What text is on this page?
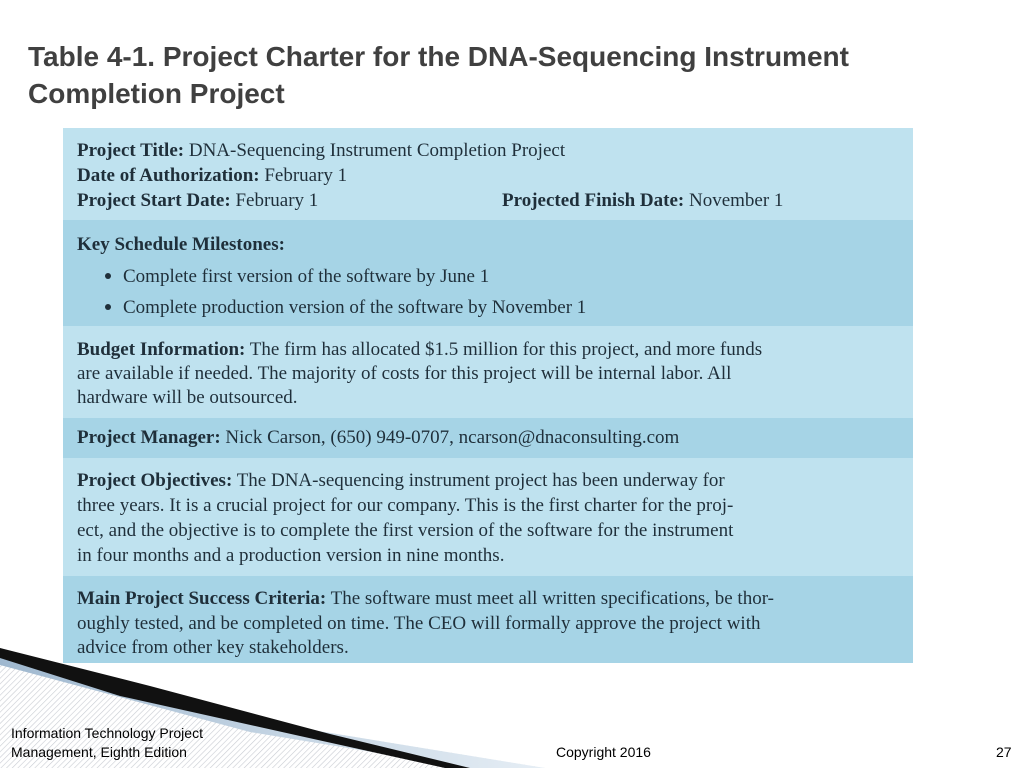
Table 4-1. Project Charter for the DNA-Sequencing Instrument
Completion Project
Project Title: DNA-Sequencing Instrument Completion Project
Date of Authorization: February 1
Project Start Date: February 1	Projected Finish Date: November 1
Key Schedule Milestones:
Complete first version of the software by June 1
Complete production version of the software by November 1
Budget Information: The firm has allocated $1.5 million for this project, and more funds
are available if needed. The majority of costs for this project will be internal labor. All
hardware will be outsourced.
Project Manager: Nick Carson, (650) 949-0707, ncarson@dnaconsulting.com
Project Objectives: The DNA-sequencing instrument project has been underway for
three years. It is a crucial project for our company. This is the first charter for the proj-
ect, and the objective is to complete the first version of the software for the instrument
in four months and a production version in nine months.
Main Project Success Criteria: The software must meet all written specifications, be thor-
oughly tested, and be completed on time. The CEO will formally approve the project with
advice from other key stakeholders.
Information Technology Project
Management, Eighth Edition	Copyright 2016	27
